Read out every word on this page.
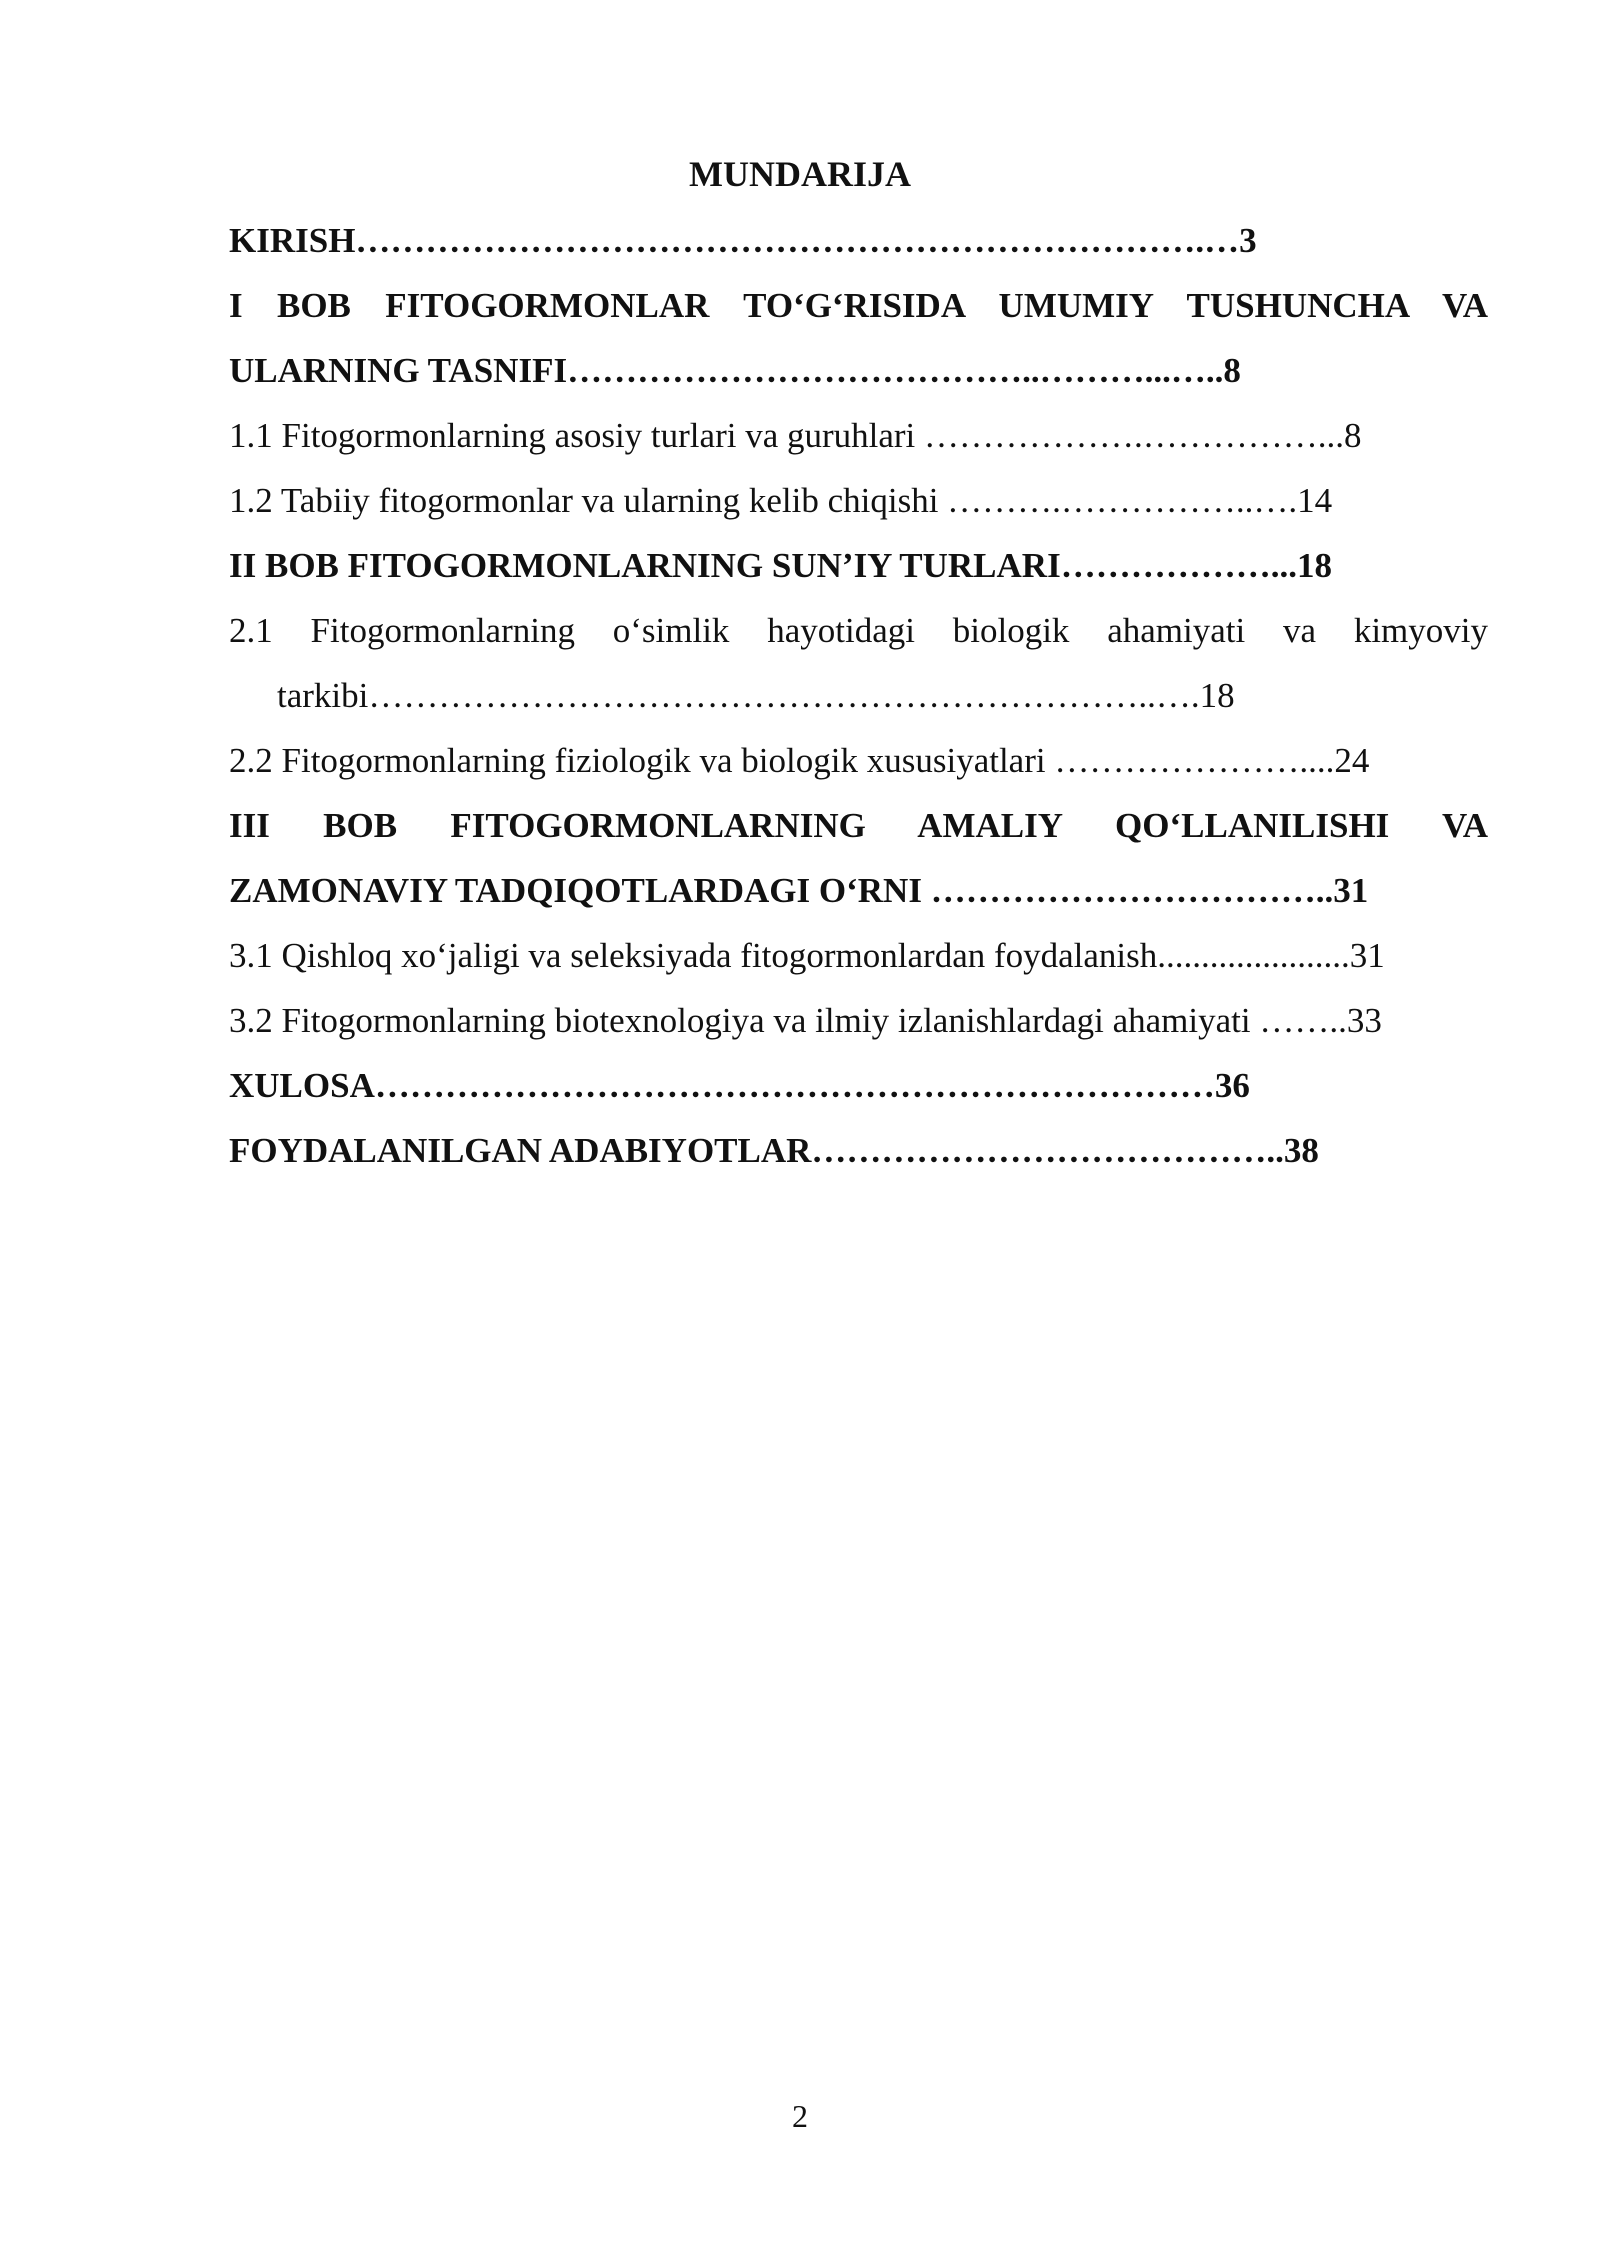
MUNDARIJA
KIRISH……………………………………………………………….…3
I BOB FITOGORMONLAR TO‘G‘RISIDA UMUMIY TUSHUNCHA VA
ULARNING TASNIFI…………………………………..………...…..8
1.1 Fitogormonlarning asosiy turlari va guruhlari ……………….……………...8
1.2 Tabiiy fitogormonlar va ularning kelib chiqishi ……….……………..….14
II BOB FITOGORMONLARNING SUN’IY TURLARI………………...18
2.1 Fitogormonlarning o‘simlik hayotidagi biologik ahamiyati va kimyoviy
tarkibi…………………………………………………………..….18
2.2 Fitogormonlarning fiziologik va biologik xususiyatlari …………………....24
III BOB FITOGORMONLARNING AMALIY QO‘LLANILISHI VA
ZAMONAVIY TADQIQOTLARDAGI O‘RNI ……………………………..31
3.1 Qishloq xo‘jaligi va seleksiyada fitogormonlardan foydalanish......................31
3.2 Fitogormonlarning biotexnologiya va ilmiy izlanishlardagi ahamiyati ……..33
XULOSA………………………………………………………………36
FOYDALANILGAN ADABIYOTLAR…………………………………..38
2
